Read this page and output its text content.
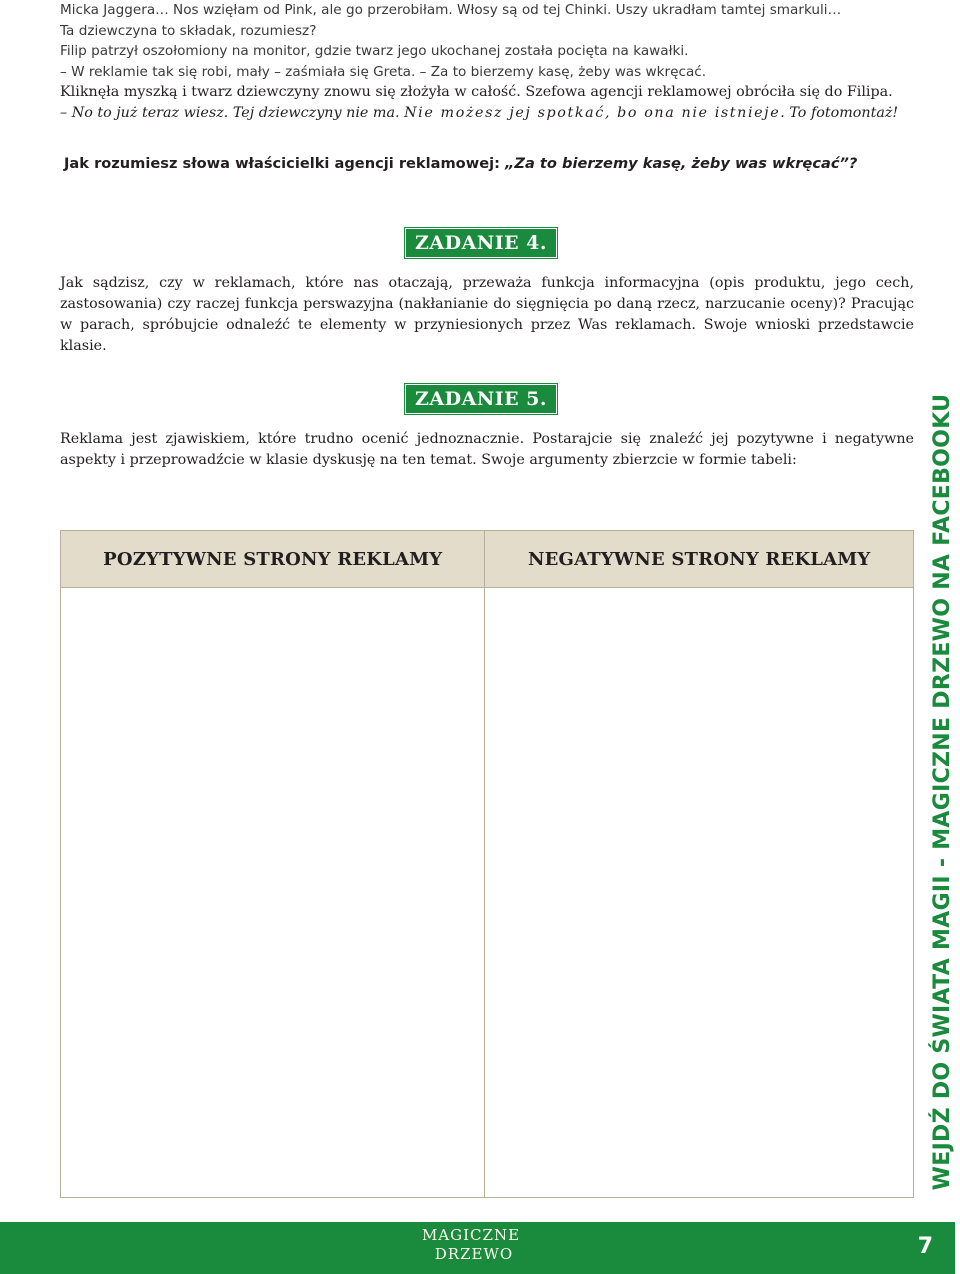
Micka Jaggera… Nos wzięłam od Pink, ale go przerobiłam. Włosy są od tej Chinki. Uszy ukradłam tamtej smarkuli…

Ta dziewczyna to składak, rozumiesz?

Filip patrzył oszołomiony na monitor, gdzie twarz jego ukochanej została pocięta na kawałki.

– W reklamie tak się robi, mały – zaśmiała się Greta. – Za to bierzemy kasę, żeby was wkręcać.

Kliknęła myszką i twarz dziewczyny znowu się złożyła w całość. Szefowa agencji reklamowej obróciła się do Filipa.

– No to już teraz wiesz. Tej dziewczyny nie ma. Nie możesz jej spotkać, bo ona nie istnieje. To fotomontaż!

Jak rozumiesz słowa właścicielki agencji reklamowej: „Za to bierzemy kasę, żeby was wkręcać”?
ZADANIE 4.

Jak sądzisz, czy w reklamach, które nas otaczają, przeważa funkcja informacyjna (opis produktu, jego cech, zastosowania) czy raczej funkcja perswazyjna (nakłanianie do sięgnięcia po daną rzecz, narzucanie oceny)? Pracując w parach, spróbujcie odnaleźć te elementy w przyniesionych przez Was reklamach. Swoje wnioski przedstawcie klasie.

ZADANIE 5.

Reklama jest zjawiskiem, które trudno ocenić jednoznacznie. Postarajcie się znaleźć jej pozytywne i negatywne aspekty i przeprowadźcie w klasie dyskusję na ten temat. Swoje argumenty zbierzcie w formie tabeli:

POZYTYWNE STRONY REKLAMY	NEGATYWNE STRONY REKLAMY
		WEJDŹ DO ŚWIATA MAGII - MAGICZNE DRZEWO NA FACEBOOKU
MAGICZNE
DRZEWO	7
